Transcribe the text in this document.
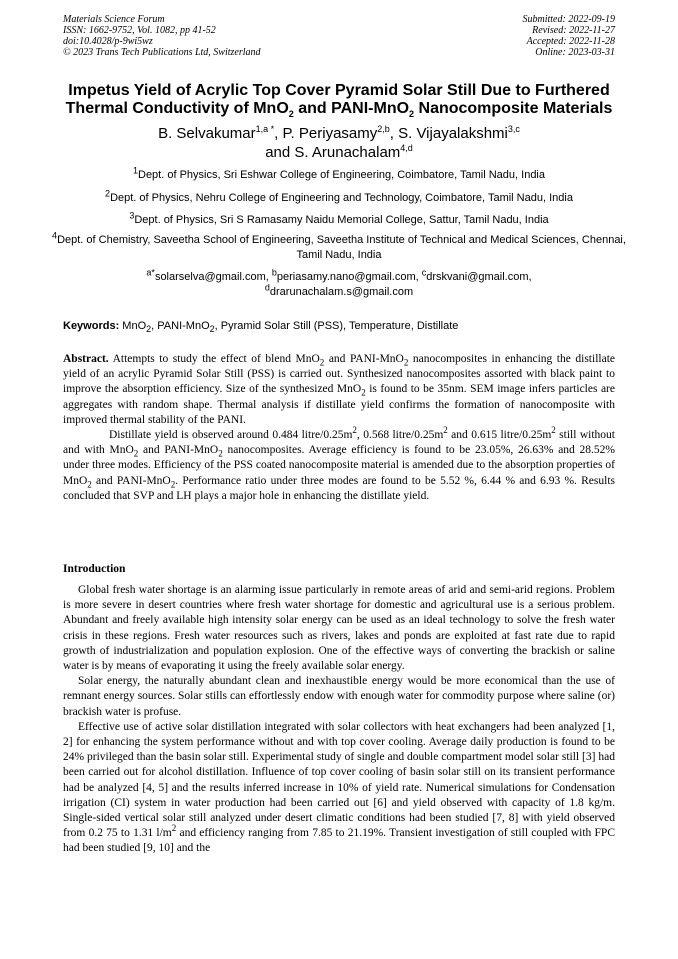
Materials Science Forum
ISSN: 1662-9752, Vol. 1082, pp 41-52
doi:10.4028/p-9wi5wz
© 2023 Trans Tech Publications Ltd, Switzerland
Submitted: 2022-09-19
Revised: 2022-11-27
Accepted: 2022-11-28
Online: 2023-03-31
Impetus Yield of Acrylic Top Cover Pyramid Solar Still Due to Furthered
Thermal Conductivity of MnO$_2$ and PANI-MnO$_2$ Nanocomposite Materials
B. Selvakumar$^{1,a *}$, P. Periyasamy$^{2,b}$, S. Vijayalakshmi$^{3,c}$
and S. Arunachalam$^{4,d}$
$^1$Dept. of Physics, Sri Eshwar College of Engineering, Coimbatore, Tamil Nadu, India
$^2$Dept. of Physics, Nehru College of Engineering and Technology, Coimbatore, Tamil Nadu, India
$^3$Dept. of Physics, Sri S Ramasamy Naidu Memorial College, Sattur, Tamil Nadu, India
$^4$Dept. of Chemistry, Saveetha School of Engineering, Saveetha Institute of Technical and Medical Sciences, Chennai, Tamil Nadu, India
$^{a*}$solarselva@gmail.com, $^b$periasamy.nano@gmail.com, $^c$drskvani@gmail.com,
$^d$drarunachalam.s@gmail.com
Keywords: MnO$_2$, PANI-MnO$_2$, Pyramid Solar Still (PSS), Temperature, Distillate

Abstract. Attempts to study the effect of blend MnO$_2$ and PANI-MnO$_2$ nanocomposites in enhancing the distillate yield of an acrylic Pyramid Solar Still (PSS) is carried out. Synthesized nanocomposites assorted with black paint to improve the absorption efficiency. Size of the synthesized MnO$_2$ is found to be 35nm. SEM image infers particles are aggregates with random shape. Thermal analysis if distillate yield confirms the formation of nanocomposite with improved thermal stability of the PANI.

Distillate yield is observed around 0.484 litre/$0.25m^2$, 0.568 litre/$0.25m^2$ and 0.615 litre/$0.25m^2$ still without and with MnO$_2$ and PANI-MnO$_2$ nanocomposites. Average efficiency is found to be 23.05%, 26.63% and 28.52% under three modes. Efficiency of the PSS coated nanocomposite material is amended due to the absorption properties of MnO$_2$ and PANI-MnO$_2$. Performance ratio under three modes are found to be 5.52 %, 6.44 % and 6.93 %. Results concluded that SVP and LH plays a major hole in enhancing the distillate yield.

Introduction

Global fresh water shortage is an alarming issue particularly in remote areas of arid and semi-arid regions. Problem is more severe in desert countries where fresh water shortage for domestic and agricultural use is a serious problem. Abundant and freely available high intensity solar energy can be used as an ideal technology to solve the fresh water crisis in these regions. Fresh water resources such as rivers, lakes and ponds are exploited at fast rate due to rapid growth of industrialization and population explosion. One of the effective ways of converting the brackish or saline water is by means of evaporating it using the freely available solar energy.

Solar energy, the naturally abundant clean and inexhaustible energy would be more economical than the use of remnant energy sources. Solar stills can effortlessly endow with enough water for commodity purpose where saline (or) brackish water is profuse.

Effective use of active solar distillation integrated with solar collectors with heat exchangers had been analyzed [1, 2] for enhancing the system performance without and with top cover cooling. Average daily production is found to be 24% privileged than the basin solar still. Experimental study of single and double compartment model solar still [3] had been carried out for alcohol distillation. Influence of top cover cooling of basin solar still on its transient performance had be analyzed [4, 5] and the results inferred increase in 10% of yield rate. Numerical simulations for Condensation irrigation (CI) system in water production had been carried out [6] and yield observed with capacity of 1.8 kg/m. Single-sided vertical solar still analyzed under desert climatic conditions had been studied [7, 8] with yield observed from 0.2 75 to 1.31 $l/m^2$ and efficiency ranging from 7.85 to 21.19%. Transient investigation of still coupled with FPC had been studied [9, 10] and the
